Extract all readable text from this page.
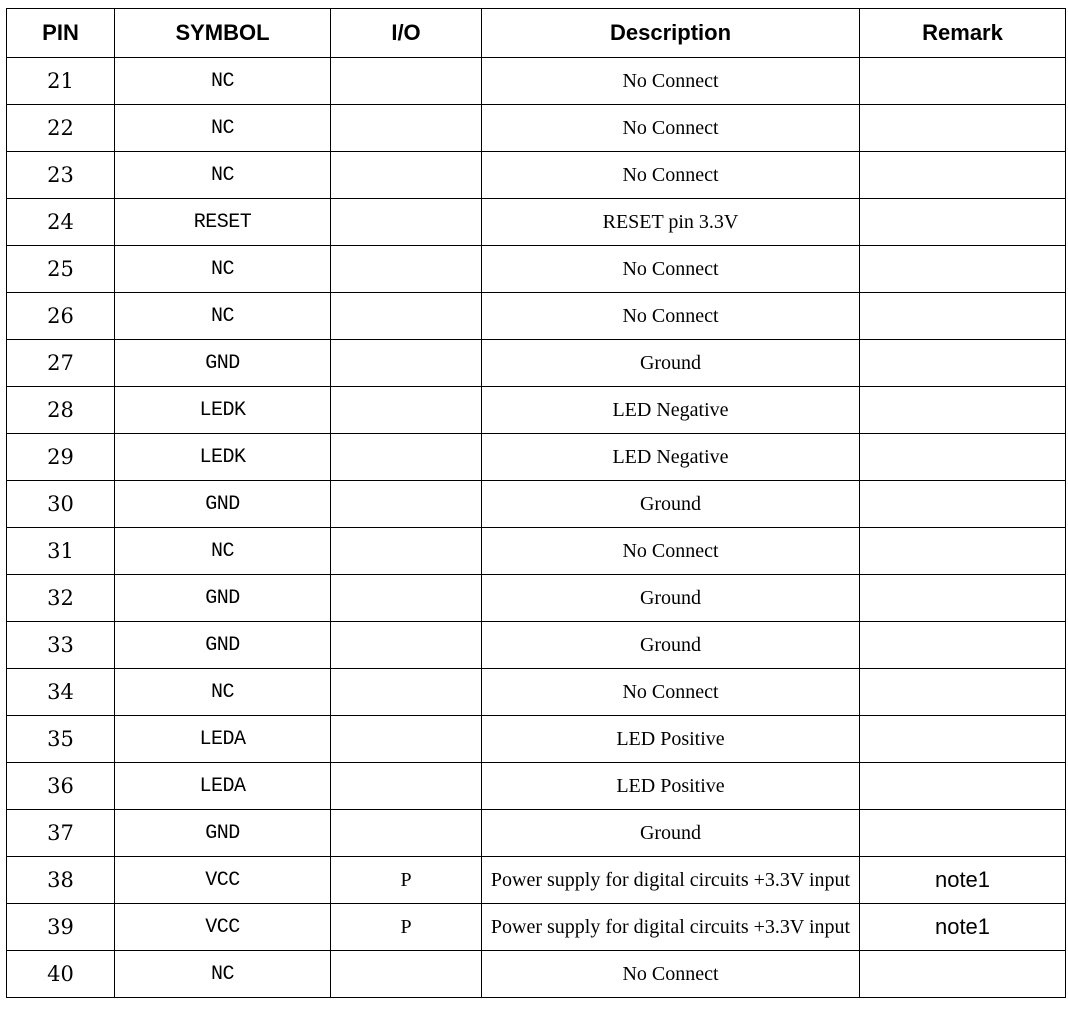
PIN	SYMBOL	I/O	Description	Remark
21	NC		No Connect	
22	NC		No Connect	
23	NC		No Connect	
24	RESET		RESET pin 3.3V	
25	NC		No Connect	
26	NC		No Connect	
27	GND		Ground	
28	LEDK		LED Negative	
29	LEDK		LED Negative	
30	GND		Ground	
31	NC		No Connect	
32	GND		Ground	
33	GND		Ground	
34	NC		No Connect	
35	LEDA		LED Positive	
36	LEDA		LED Positive	
37	GND		Ground	
38	VCC	P	Power supply for digital circuits +3.3V input	note1
39	VCC	P	Power supply for digital circuits +3.3V input	note1
40	NC		No Connect	
